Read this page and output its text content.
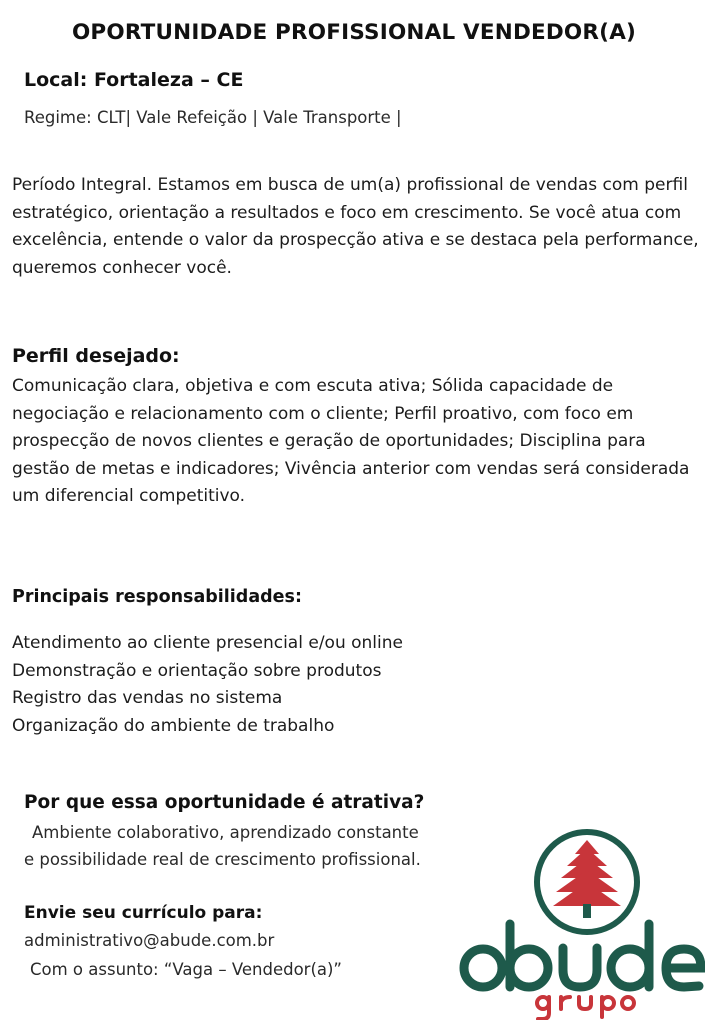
OPORTUNIDADE PROFISSIONAL VENDEDOR(A)
Local: Fortaleza – CE
Regime: CLT| Vale Refeição | Vale Transporte |
Período Integral. Estamos em busca de um(a) profissional de vendas com perfil estratégico, orientação a resultados e foco em crescimento. Se você atua com excelência, entende o valor da prospecção ativa e se destaca pela performance, queremos conhecer você.
Perfil desejado:
Comunicação clara, objetiva e com escuta ativa; Sólida capacidade de negociação e relacionamento com o cliente; Perfil proativo, com foco em prospecção de novos clientes e geração de oportunidades; Disciplina para gestão de metas e indicadores; Vivência anterior com vendas será considerada um diferencial competitivo.
Principais responsabilidades:
Atendimento ao cliente presencial e/ou online
Demonstração e orientação sobre produtos
Registro das vendas no sistema
Organização do ambiente de trabalho
Por que essa oportunidade é atrativa?
Ambiente colaborativo, aprendizado constante
e possibilidade real de crescimento profissional.
Envie seu currículo para:
administrativo@abude.com.br
Com o assunto: “Vaga – Vendedor(a)”
